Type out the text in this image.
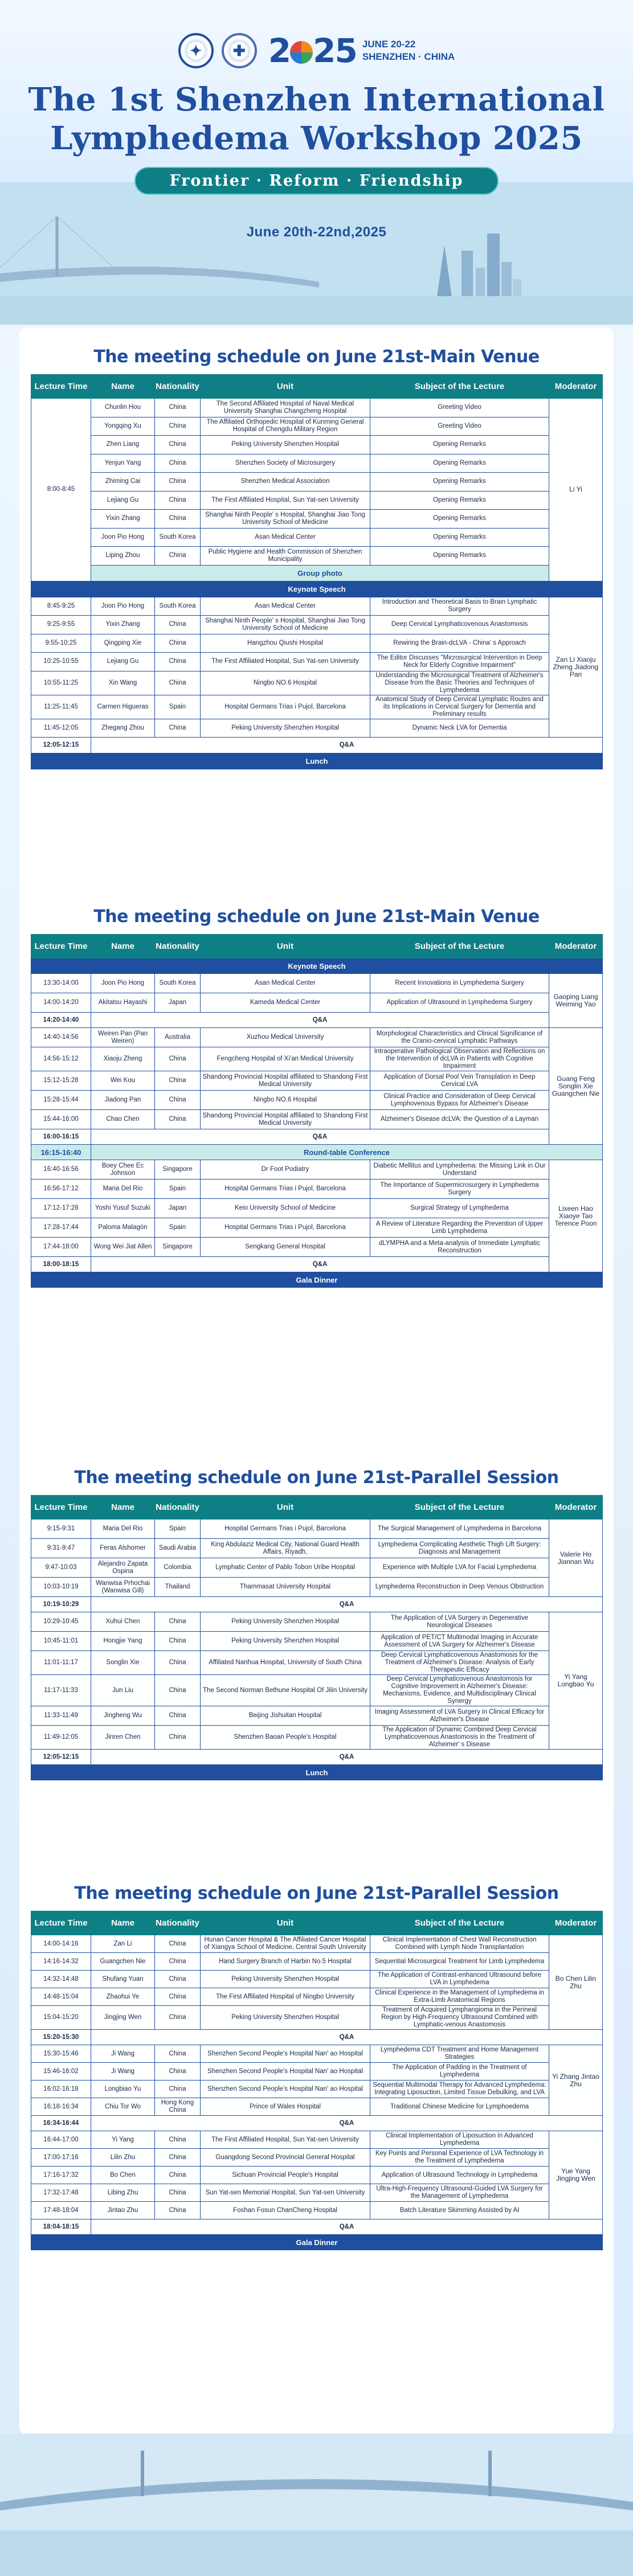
✦	✚ 2 25 JUNE 20-22
SHENZHEN · CHINA
The 1st Shenzhen International
Lymphedema Workshop 2025
Frontier · Reform · Friendship
June 20th-22nd,2025
The meeting schedule on June 21st-Main Venue
Lecture Time	Name	Nationality	Unit	Subject of the Lecture	Moderator
8:00-8:45	Chunlin Hou	China	The Second Affiliated Hospital of Naval Medical University Shanghai Changzheng Hospital	Greeting Video	Li Yi
	Yongqing Xu	China	The Affiliated Orthopedic Hospital of Kunming General Hospital of Chengdu Military Region	Greeting Video	
	Zhen Liang	China	Peking University Shenzhen Hospital	Opening Remarks	
	Yenjun Yang	China	Shenzhen Society of Microsurgery	Opening Remarks	
	Zhiming Cai	China	Shenzhen Medical Association	Opening Remarks	
	Lejiang Gu	China	The First Affiliated Hospital, Sun Yat-sen University	Opening Remarks	
	Yixin Zhang	China	Shanghai Ninth People' s Hospital, Shanghai Jiao Tong University School of Medicine	Opening Remarks	
	Joon Pio Hong	South Korea	Asan Medical Center	Opening Remarks	
	Liping Zhou	China	Public Hygiene and Health Commission of Shenzhen Municipality	Opening Remarks	
	Group photo				
Keynote Speech					
8:45-9:25	Joon Pio Hong	South Korea	Asan Medical Center	Introduction and Theoretical Basis to Brain Lymphatic Surgery	Zan Li Xiaoju Zheng Jiadong Pan
9:25-9:55	Yixin Zhang	China	Shanghai Ninth People' s Hospital, Shanghai Jiao Tong University School of Medicine	Deep Cervical Lymphaticovenous Anastomosis	
9:55-10:25	Qingping Xie	China	Hangzhou Qiushi Hospital	Rewiring the Brain-dcLVA - China' s Approach	
10:25-10:55	Lejiang Gu	China	The First Affiliated Hospital, Sun Yat-sen University	The Editor Discusses "Microsurgical Intervention in Deep Neck for Elderly Cognitive Impairment"	
10:55-11:25	Xin Wang	China	Ningbo NO.6 Hospital	Understanding the Microsurgical Treatment of Alzheimer's Disease from the Basic Theories and Techniques of Lymphedema	
11:25-11:45	Carmen Higueras	Spain	Hospital Germans Trias i Pujol, Barcelona	Anatomical Study of Deep Cervical Lymphatic Routes and its Implications in Cervical Surgery for Dementia and Preliminary results	
11:45-12:05	Zhegang Zhou	China	Peking University Shenzhen Hospital	Dynamic Neck LVA for Dementia	
12:05-12:15	Q&A				
Lunch					
The meeting schedule on June 21st-Main Venue
Lecture Time	Name	Nationality	Unit	Subject of the Lecture	Moderator
Keynote Speech					
13:30-14:00	Joon Pio Hong	South Korea	Asan Medical Center	Recent Innovations in Lymphedema Surgery	Gaoping Liang Weiming Yao
14:00-14:20	Akitatsu Hayashi	Japan	Kameda Medical Center	Application of Ultrasound in Lymphedema Surgery	
14:20-14:40	Q&A				
14:40-14:56	Weiren Pan (Pan Weiren)	Australia	Xuzhou Medical University	Morphological Characteristics and Clinical Significance of the Cranio-cervical Lymphatic Pathways	Guang Feng Songlin Xie Guangchen Nie
14:56-15:12	Xiaoju Zheng	China	Fengcheng Hospital of Xi'an Medical University	Intraoperative Pathological Observation and Reflections on the Intervention of dcLVA in Patients with Cognitive Impairment	
15:12-15:28	Wei Kou	China	Shandong Provincial Hospital affiliated to Shandong First Medical University	Application of Dorsal Pool Vein Transplation in Deep Cervical LVA	
15:28-15:44	Jiadong Pan	China	Ningbo NO.6 Hospital	Clinical Practice and Consideration of Deep Cervical Lymphovenous Bypass for Alzheimer's Disease	
15:44-16:00	Chao Chen	China	Shandong Provincial Hospital affiliated to Shandong First Medical University	Alzheimer's Disease dcLVA: the Question of a Layman	
16:00-16:15	Q&A				
16:15-16:40	Round-table Conference				
16:40-16:56	Boey Chee Ec Johnson	Singapore	Dr Foot Podiatry	Diabetic Mellitus and Lymphedema: the Missing Link in Our Understand	Lixeen Hao Xiaoye Tao Terence Poon
16:56-17:12	Maria Del Rio	Spain	Hospital Germans Trias i Pujol, Barcelona	The Importance of Supermicrosurgery in Lymphedema Surgery	
17:12-17:28	Yoshi Yusuf Suzuki	Japan	Keio University School of Medicine	Surgical Strategy of Lymphedema	
17:28-17:44	Paloma Malagón	Spain	Hospital Germans Trias i Pujol, Barcelona	A Review of Literature Regarding the Prevention of Upper Limb Lymphedema	
17:44-18:00	Wong Wei Jiat Allen	Singapore	Sengkang General Hospital	dLYMPHA and a Meta-analysis of Immediate Lymphatic Reconstruction	
18:00-18:15	Q&A				
Gala Dinner					
The meeting schedule on June 21st-Parallel Session
Lecture Time	Name	Nationality	Unit	Subject of the Lecture	Moderator
9:15-9:31	Maria Del Rio	Spain	Hospital Germans Trias i Pujol, Barcelona	The Surgical Management of Lymphedema in Barcelona	Valerie Ho Jiannan Wu
9:31-9:47	Feras Alshomer	Saudi Arabia	King Abdulaziz Medical City, National Guard Health Affairs, Riyadh,	Lymphedema Complicating Aesthetic Thigh Lift Surgery: Diagnosis and Management	
9:47-10:03	Alejandro Zapata Ospina	Colombia	Lymphatic Center of Pablo Tobon Uribe Hospital	Experience with Multiple LVA for Facial Lymphedema	
10:03-10:19	Wanwisa Prhochai (Wanwisa Gill)	Thailand	Thammasat University Hospital	Lymphedema Reconstruction in Deep Venous Obstruction	
10:19-10:29	Q&A				
10:29-10:45	Xuhui Chen	China	Peking University Shenzhen Hospital	The Application of LVA Surgery in Degenerative Neurological Diseases	Yi Yang Longbao Yu
10:45-11:01	Hongjie Yang	China	Peking University Shenzhen Hospital	Application of PET/CT Multimodal Imaging in Accurate Assessment of LVA Surgery for Alzheimer's Disease	
11:01-11:17	Songlin Xie	China	Affiliated Nanhua Hospital, University of South China	Deep Cervical Lymphaticovenous Anastomosis for the Treatment of Alzheimer's Disease: Analysis of Early Therapeutic Efficacy	
11:17-11:33	Jun Liu	China	The Second Norman Bethune Hospital Of Jilin University	Deep Cervical Lymphaticovenous Anastomosis for Cognitive Improvement in Alzheimer's Disease: Mechanisms, Evidence, and Multidisciplinary Clinical Synergy	
11:33-11:49	Jingheng Wu	China	Beijing Jishuitan Hospital	Imaging Assessment of LVA Surgery in Clinical Efficacy for Alzheimer's Disease	
11:49-12:05	Jinren Chen	China	Shenzhen Baoan People's Hospital	The Application of Dynamic Combined Deep Cervical Lymphaticovenous Anastomosis in the Treatment of Alzheimer' s Disease	
12:05-12:15	Q&A				
Lunch					
The meeting schedule on June 21st-Parallel Session
Lecture Time	Name	Nationality	Unit	Subject of the Lecture	Moderator
14:00-14:16	Zan Li	China	Hunan Cancer Hospital & The Affiliated Cancer Hospital of Xiangya School of Medicine, Central South University	Clinical Implementation of Chest Wall Reconstruction Combined with Lymph Node Transplantation	Bo Chen Lilin Zhu
14:16-14:32	Guangchen Nie	China	Hand Surgery Branch of Harbin No.5 Hospital	Sequential Microsurgical Treatment for Limb Lymphedema	
14:32-14:48	Shufang Yuan	China	Peking University Shenzhen Hospital	The Application of Contrast-enhanced Ultrasound before LVA in Lymphedema	
14:48-15:04	Zhaohui Ye	China	The First Affiliated Hospital of Ningbo University	Clinical Experience in the Management of Lymphedema in Extra-Limb Anatomical Regions	
15:04-15:20	Jingjing Wen	China	Peking University Shenzhen Hospital	Treatment of Acquired Lymphangioma in the Perineal Region by High-Frequency Ultrasound Combined with Lymphatic-venous Anastomosis	
15:20-15:30	Q&A				
15:30-15:46	Ji Wang	China	Shenzhen Second People's Hospital Nan' ao Hospital	Lymphedema CDT Treatment and Home Management Strategies	Yi Zhang Jintao Zhu
15:46-16:02	Ji Wang	China	Shenzhen Second People's Hospital Nan' ao Hospital	The Application of Padding in the Treatment of Lymphedema	
16:02-16:18	Longbiao Yu	China	Shenzhen Second People's Hospital Nan' ao Hospital	Sequential Multimodal Therapy for Advanced Lymphedema: Integrating Liposuction, Limited Tissue Debulking, and LVA	
16:18-16:34	Chiu Tor Wo	Hong Kong China	Prince of Wales Hospital	Traditional Chinese Medicine for Lymphoedema	
16:34-16:44	Q&A				
16:44-17:00	Yi Yang	China	The First Affiliated Hospital, Sun Yat-sen University	Clinical Implementation of Liposuction in Advanced Lymphedema	Yue Yang Jingjing Wen
17:00-17:16	Lilin Zhu	China	Guangdong Second Provincial General Hospital	Key Points and Personal Experience of LVA Technology in the Treatment of Lymphedema	
17:16-17:32	Bo Chen	China	Sichuan Provincial People's Hospital	Application of Ultrasound Technology in Lymphedema	
17:32-17:48	Libing Zhu	China	Sun Yat-sen Memorial Hospital, Sun Yat-sen University	Ultra-High-Frequency Ultrasound-Guided LVA Surgery for the Management of Lymphedema	
17:48-18:04	Jintao Zhu	China	Foshan Fosun ChanCheng Hospital	Batch Literature Skimming Assisted by AI	
18:04-18:15	Q&A				
Gala Dinner					
